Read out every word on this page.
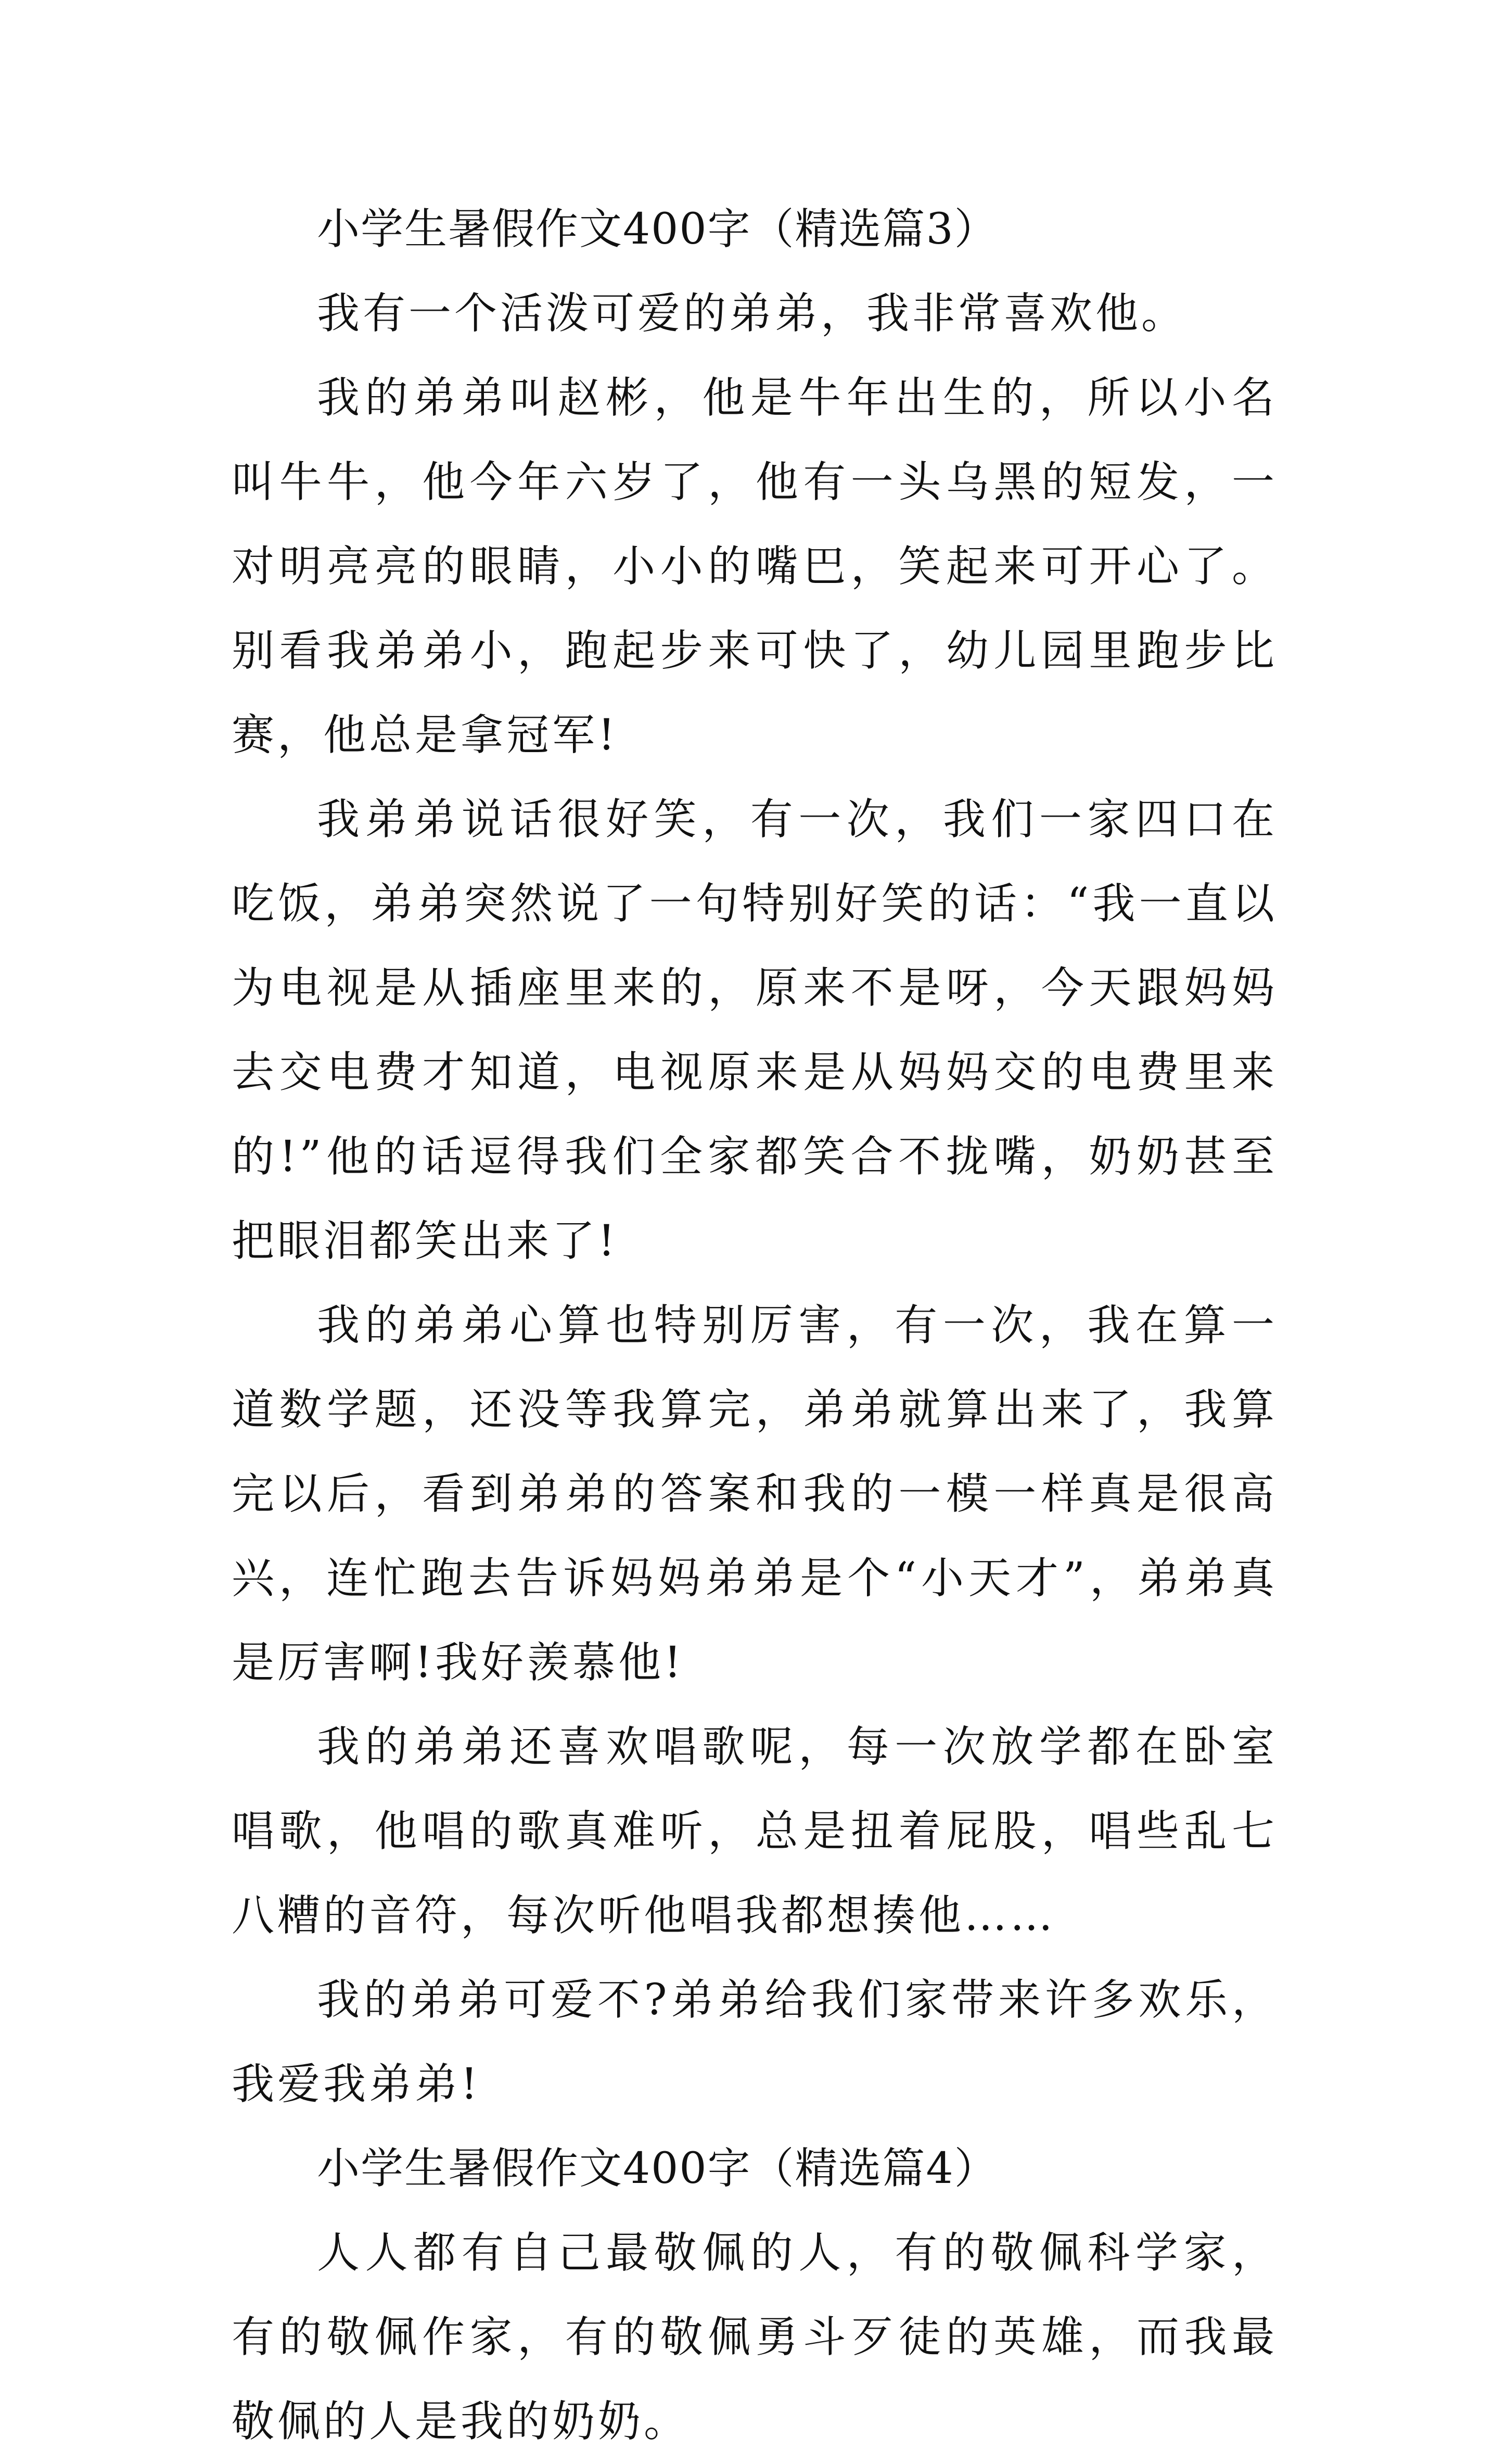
小学生暑假作文400字（精选篇3）

我有一个活泼可爱的弟弟，我非常喜欢他。

我的弟弟叫赵彬，他是牛年出生的，所以小名叫牛牛，他今年六岁了，他有一头乌黑的短发，一对明亮亮的眼睛，小小的嘴巴，笑起来可开心了。别看我弟弟小，跑起步来可快了，幼儿园里跑步比赛，他总是拿冠军!

我弟弟说话很好笑，有一次，我们一家四口在吃饭，弟弟突然说了一句特别好笑的话：“我一直以为电视是从插座里来的，原来不是呀，今天跟妈妈去交电费才知道，电视原来是从妈妈交的电费里来的!”他的话逗得我们全家都笑合不拢嘴，奶奶甚至把眼泪都笑出来了!

我的弟弟心算也特别厉害，有一次，我在算一道数学题，还没等我算完，弟弟就算出来了，我算完以后，看到弟弟的答案和我的一模一样真是很高兴，连忙跑去告诉妈妈弟弟是个“小天才”，弟弟真是厉害啊!我好羡慕他!

我的弟弟还喜欢唱歌呢，每一次放学都在卧室唱歌，他唱的歌真难听，总是扭着屁股，唱些乱七八糟的音符，每次听他唱我都想揍他……

我的弟弟可爱不?弟弟给我们家带来许多欢乐，我爱我弟弟!

小学生暑假作文400字（精选篇4）

人人都有自己最敬佩的人，有的敬佩科学家，有的敬佩作家，有的敬佩勇斗歹徒的英雄，而我最敬佩的人是我的奶奶。
